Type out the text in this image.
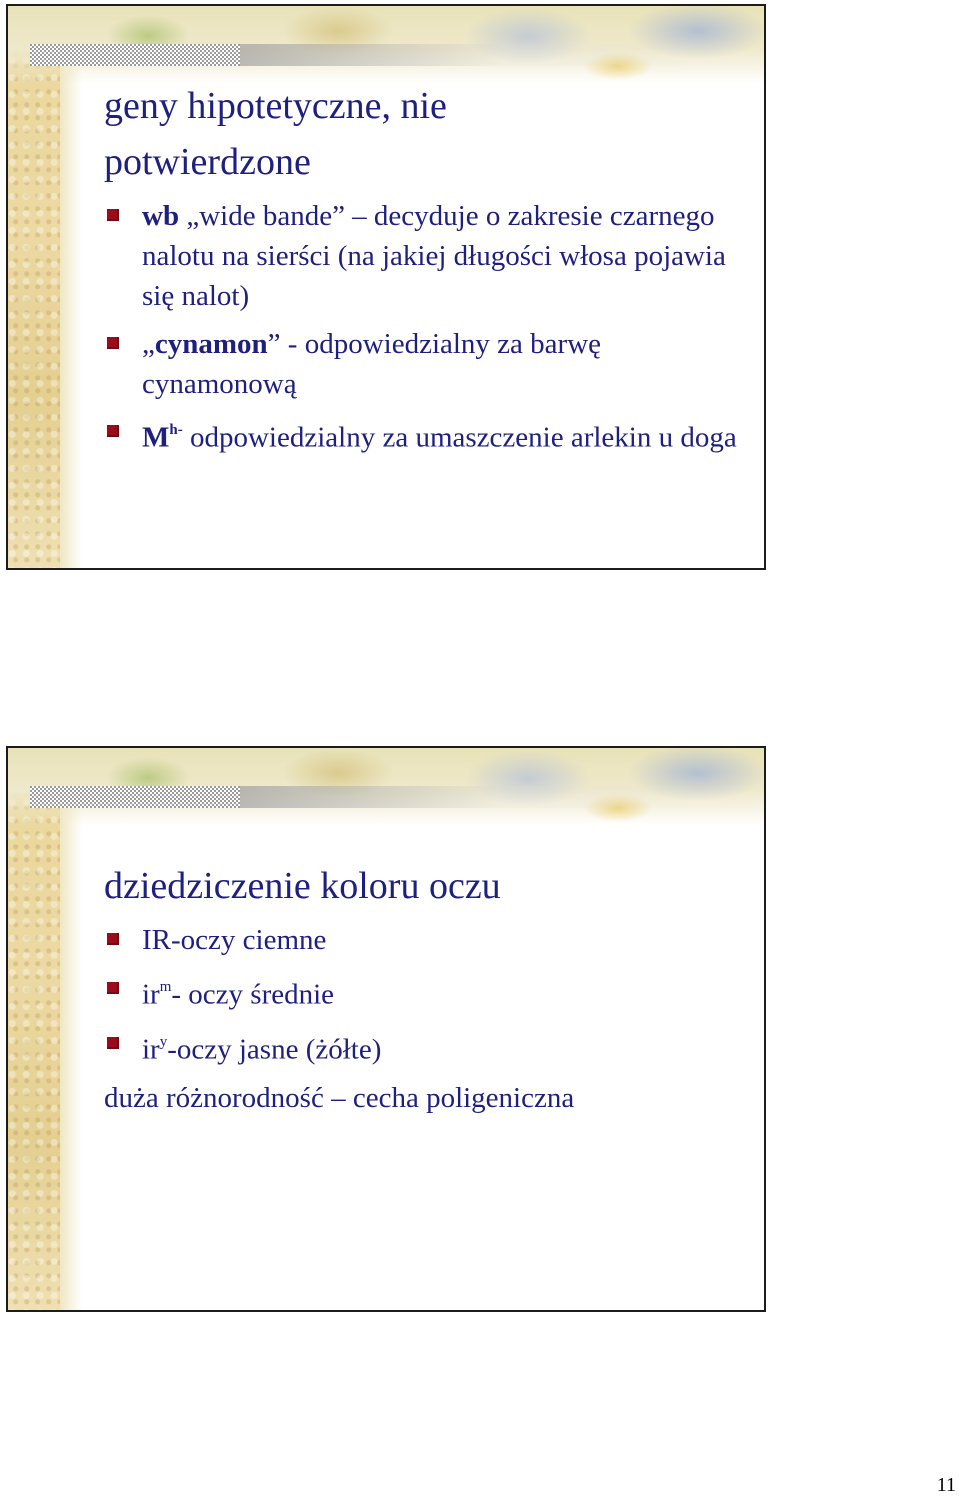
geny hipotetyczne, nie
potwierdzone
wb „wide bande” – decyduje o zakresie czarnego nalotu na sierści (na jakiej długości włosa pojawia się nalot)
„cynamon” - odpowiedzialny za barwę cynamonową
$M^{h-}$ odpowiedzialny za umaszczenie arlekin u doga
dziedziczenie koloru oczu
IR-oczy ciemne
$ir^m-$ oczy średnie
$ir^y$-oczy jasne (żółte)

duża różnorodność – cecha poligeniczna

11
